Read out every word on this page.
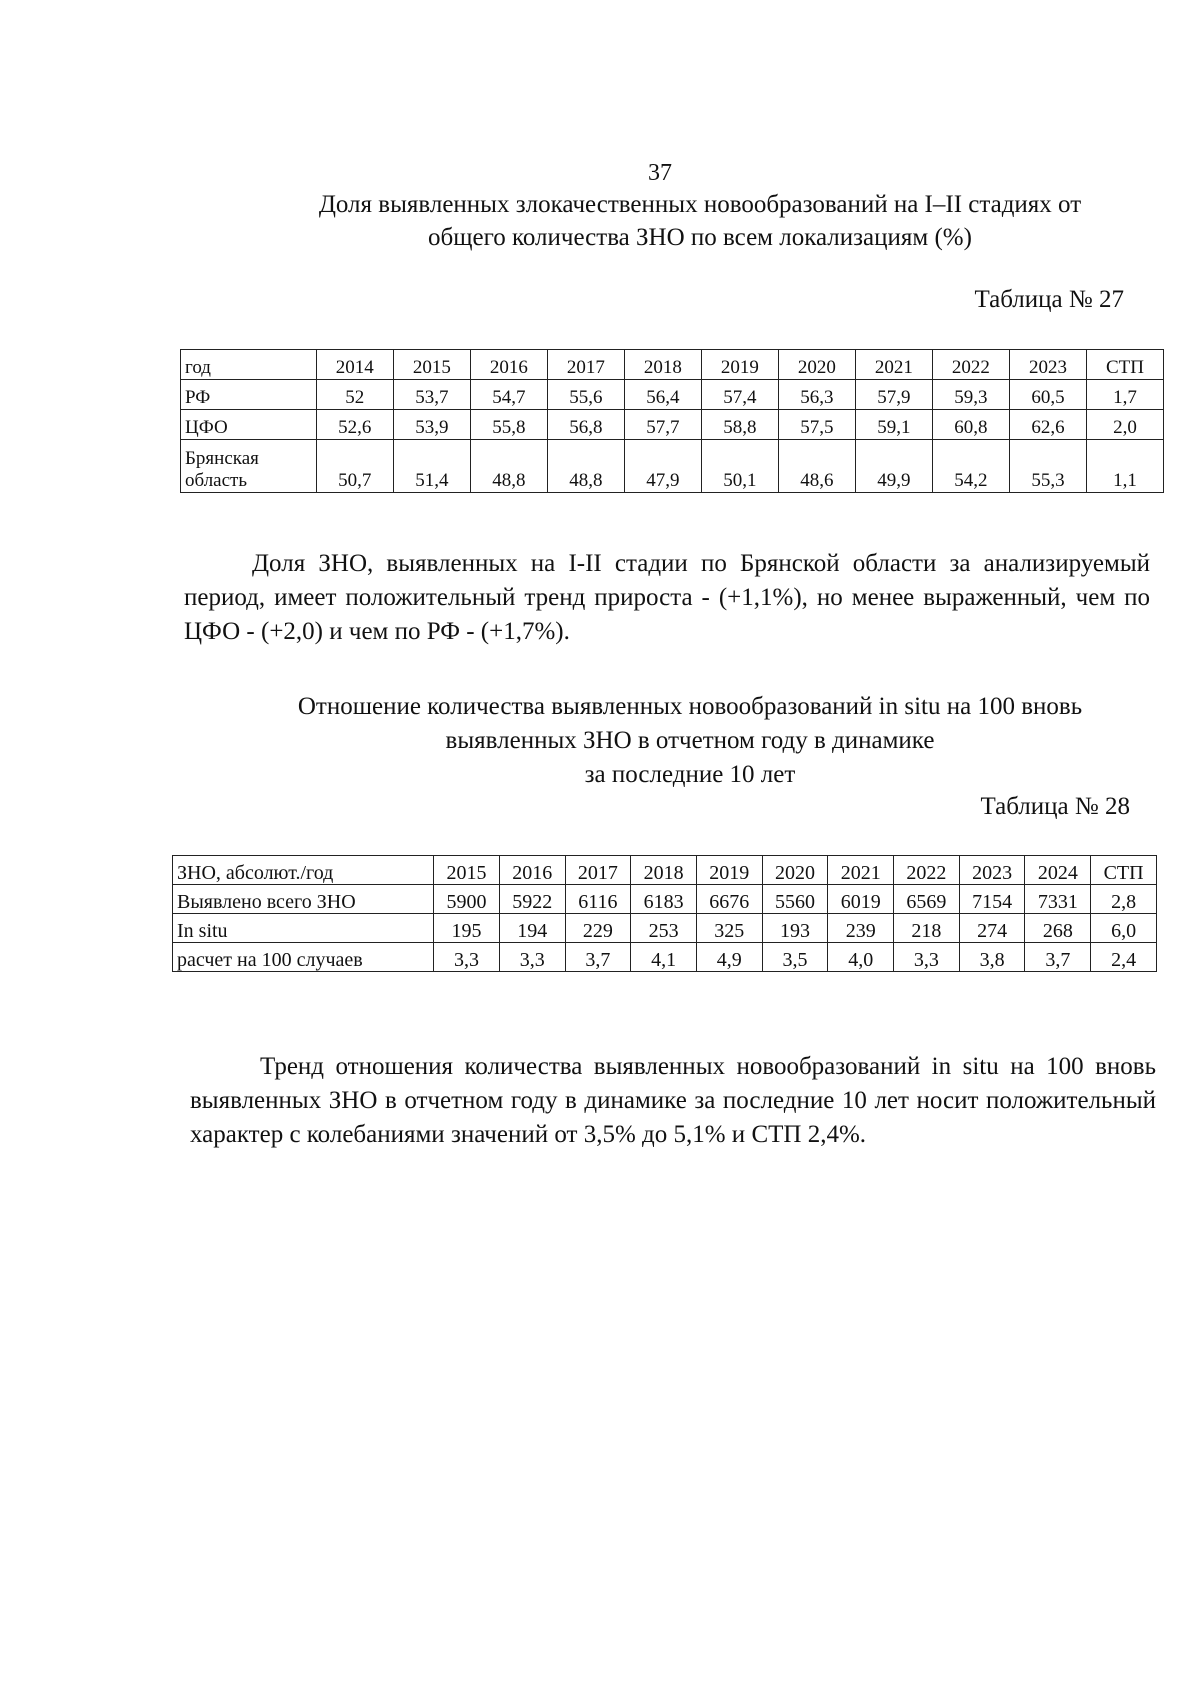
37
Доля выявленных злокачественных новообразований на I–II стадиях от
общего количества ЗНО по всем локализациям (%)
Таблица № 27
год	2014	2015	2016	2017	2018	2019	2020	2021	2022	2023	СТП
РФ	52	53,7	54,7	55,6	56,4	57,4	56,3	57,9	59,3	60,5	1,7
ЦФО	52,6	53,9	55,8	56,8	57,7	58,8	57,5	59,1	60,8	62,6	2,0

Брянская
область	50,7	51,4	48,8	48,8	47,9	50,1	48,6	49,9	54,2	55,3	1,1

Доля ЗНО, выявленных на I-II стадии по Брянской области за анализируемый период, имеет положительный тренд прироста - (+1,1%), но менее выраженный, чем по ЦФО - (+2,0) и чем по РФ - (+1,7%).

Отношение количества выявленных новообразований in situ на 100 вновь
выявленных ЗНО в отчетном году в динамике
за последние 10 лет
Таблица № 28
ЗНО, абсолют./год	2015	2016	2017	2018	2019	2020	2021	2022	2023	2024	СТП
Выявлено всего ЗНО	5900	5922	6116	6183	6676	5560	6019	6569	7154	7331	2,8
In situ	195	194	229	253	325	193	239	218	274	268	6,0
расчет на 100 случаев	3,3	3,3	3,7	4,1	4,9	3,5	4,0	3,3	3,8	3,7	2,4

Тренд отношения количества выявленных новообразований in situ на 100 вновь выявленных ЗНО в отчетном году в динамике за последние 10 лет носит положительный характер с колебаниями значений от 3,5% до 5,1% и СТП 2,4%.
